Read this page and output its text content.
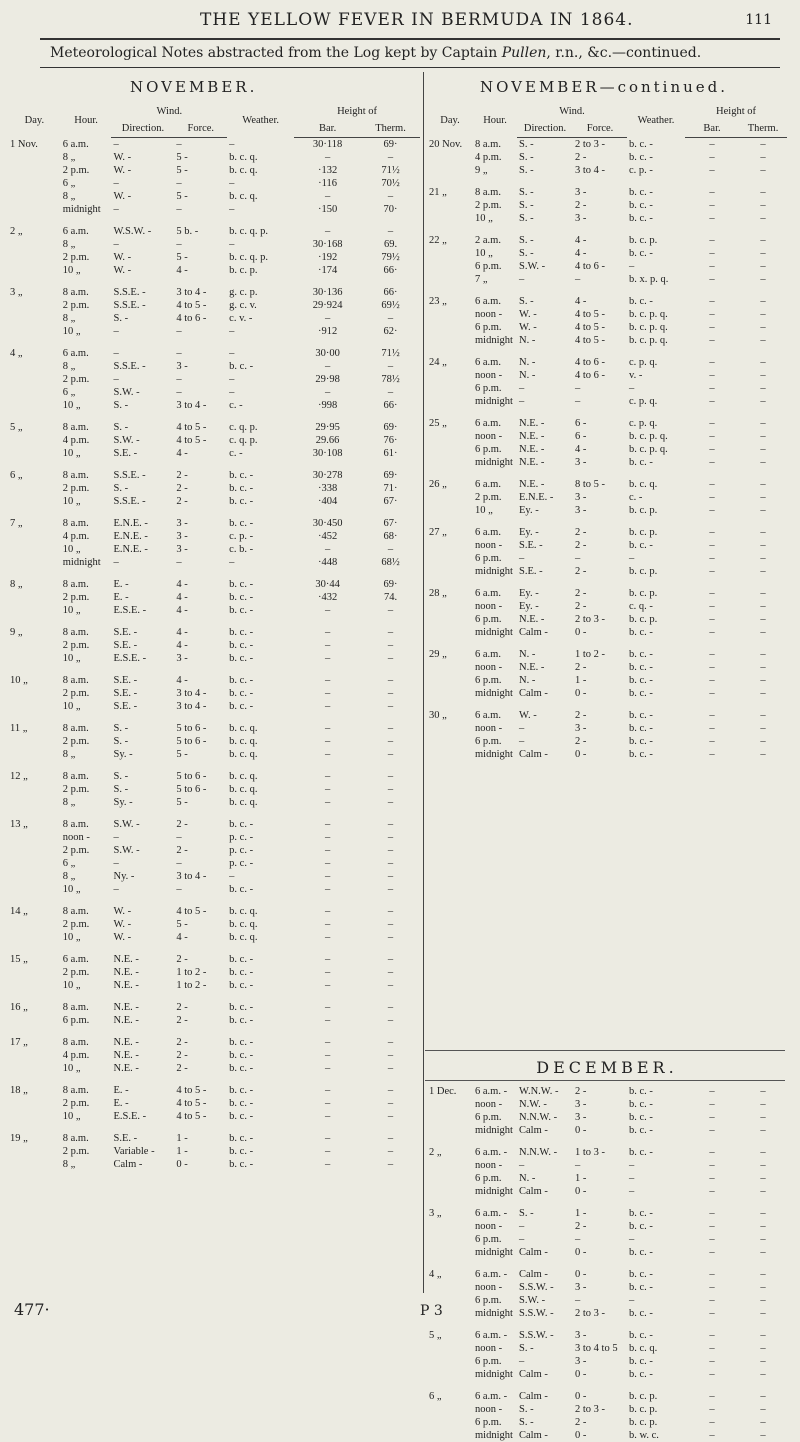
THE YELLOW FEVER IN BERMUDA IN 1864.	111
Meteorological Notes abstracted from the Log kept by Captain Pullen, r.n., &c.—continued.
NOVEMBER.	NOVEMBER—continued.
Day.	Hour.	Wind.		Weather.	Height of	
		Direction.	Force.		Bar.	Therm.
1 Nov.	6 a.m.	–	–	–	30·118	69·
	8 „	W. -	5 -	b. c. q.	–	–
	2 p.m.	W. -	5 -	b. c. q.	·132	71½
	6 „	–	–	–	·116	70½
	8 „	W. -	5 -	b. c. q.	–	–
	midnight	–	–	–	·150	70·

2 „	6 a.m.	W.S.W. -	5 b. -	b. c. q. p.	–	–
	8 „	–	–	–	30·168	69.
	2 p.m.	W. -	5 -	b. c. q. p.	·192	79½
	10 „	W. -	4 -	b. c. p.	·174	66·

3 „	8 a.m.	S.S.E. -	3 to 4 -	g. c. p.	30·136	66·
	2 p.m.	S.S.E. -	4 to 5 -	g. c. v.	29·924	69½
	8 „	S. -	4 to 6 -	c. v. -	–	–
	10 „	–	–	–	·912	62·

4 „	6 a.m.	–	–	–	30·00	71½
	8 „	S.S.E. -	3 -	b. c. -	–	–
	2 p.m.	–	–	–	29·98	78½
	6 „	S.W. -	–	–	–	–
	10 „	S. -	3 to 4 -	c. -	·998	66·

5 „	8 a.m.	S. -	4 to 5 -	c. q. p.	29·95	69·
	4 p.m.	S.W. -	4 to 5 -	c. q. p.	29.66	76·
	10 „	S.E. -	4 -	c. -	30·108	61·

6 „	8 a.m.	S.S.E. -	2 -	b. c. -	30·278	69·
	2 p.m.	S. -	2 -	b. c. -	·338	71·
	10 „	S.S.E. -	2 -	b. c. -	·404	67·

7 „	8 a.m.	E.N.E. -	3 -	b. c. -	30·450	67·
	4 p.m.	E.N.E. -	3 -	c. p. -	·452	68·
	10 „	E.N.E. -	3 -	c. b. -	–	–
	midnight	–	–	–	·448	68½

8 „	8 a.m.	E. -	4 -	b. c. -	30·44	69·
	2 p.m.	E. -	4 -	b. c. -	·432	74.
	10 „	E.S.E. -	4 -	b. c. -	–	–

9 „	8 a.m.	S.E. -	4 -	b. c. -	–	–
	2 p.m.	S.E. -	4 -	b. c. -	–	–
	10 „	E.S.E. -	3 -	b. c. -	–	–

10 „	8 a.m.	S.E. -	4 -	b. c. -	–	–
	2 p.m.	S.E. -	3 to 4 -	b. c. -	–	–
	10 „	S.E. -	3 to 4 -	b. c. -	–	–

11 „	8 a.m.	S. -	5 to 6 -	b. c. q.	–	–
	2 p.m.	S. -	5 to 6 -	b. c. q.	–	–
	8 „	Sy. -	5 -	b. c. q.	–	–

12 „	8 a.m.	S. -	5 to 6 -	b. c. q.	–	–
	2 p.m.	S. -	5 to 6 -	b. c. q.	–	–
	8 „	Sy. -	5 -	b. c. q.	–	–

13 „	8 a.m.	S.W. -	2 -	b. c. -	–	–
	noon -	–	–	p. c. -	–	–
	2 p.m.	S.W. -	2 -	p. c. -	–	–
	6 „	–	–	p. c. -	–	–
	8 „	Ny. -	3 to 4 -	–	–	–
	10 „	–	–	b. c. -	–	–

14 „	8 a.m.	W. -	4 to 5 -	b. c. q.	–	–
	2 p.m.	W. -	5 -	b. c. q.	–	–
	10 „	W. -	4 -	b. c. q.	–	–

15 „	6 a.m.	N.E. -	2 -	b. c. -	–	–
	2 p.m.	N.E. -	1 to 2 -	b. c. -	–	–
	10 „	N.E. -	1 to 2 -	b. c. -	–	–

16 „	8 a.m.	N.E. -	2 -	b. c. -	–	–
	6 p.m.	N.E. -	2 -	b. c. -	–	–

17 „	8 a.m.	N.E. -	2 -	b. c. -	–	–
	4 p.m.	N.E. -	2 -	b. c. -	–	–
	10 „	N.E. -	2 -	b. c. -	–	–

18 „	8 a.m.	E. -	4 to 5 -	b. c. -	–	–
	2 p.m.	E. -	4 to 5 -	b. c. -	–	–
	10 „	E.S.E. -	4 to 5 -	b. c. -	–	–

19 „	8 a.m.	S.E. -	1 -	b. c. -	–	–
	2 p.m.	Variable -	1 -	b. c. -	–	–
	8 „	Calm -	0 -	b. c. -	–	–
Day.	Hour.	Wind.		Weather.	Height of	
		Direction.	Force.		Bar.	Therm.
20 Nov.	8 a.m.	S. -	2 to 3 -	b. c. -	–	–
	4 p.m.	S. -	2 -	b. c. -	–	–
	9 „	S. -	3 to 4 -	c. p. -	–	–

21 „	8 a.m.	S. -	3 -	b. c. -	–	–
	2 p.m.	S. -	2 -	b. c. -	–	–
	10 „	S. -	3 -	b. c. -	–	–

22 „	2 a.m.	S. -	4 -	b. c. p.	–	–
	10 „	S. -	4 -	b. c. -	–	–
	6 p.m.	S.W. -	4 to 6 -	–	–	–
	7 „	–	–	b. x. p. q.	–	–

23 „	6 a.m.	S. -	4 -	b. c. -	–	–
	noon -	W. -	4 to 5 -	b. c. p. q.	–	–
	6 p.m.	W. -	4 to 5 -	b. c. p. q.	–	–
	midnight	N. -	4 to 5 -	b. c. p. q.	–	–

24 „	6 a.m.	N. -	4 to 6 -	c. p. q.	–	–
	noon -	N. -	4 to 6 -	v. -	–	–
	6 p.m.	–	–	–	–	–
	midnight	–	–	c. p. q.	–	–

25 „	6 a.m.	N.E. -	6 -	c. p. q.	–	–
	noon -	N.E. -	6 -	b. c. p. q.	–	–
	6 p.m.	N.E. -	4 -	b. c. p. q.	–	–
	midnight	N.E. -	3 -	b. c. -	–	–

26 „	6 a.m.	N.E. -	8 to 5 -	b. c. q.	–	–
	2 p.m.	E.N.E. -	3 -	c. -	–	–
	10 „	Ey. -	3 -	b. c. p.	–	–

27 „	6 a.m.	Ey. -	2 -	b. c. p.	–	–
	noon -	S.E. -	2 -	b. c. -	–	–
	6 p.m.	–	–	–	–	–
	midnight	S.E. -	2 -	b. c. p.	–	–

28 „	6 a.m.	Ey. -	2 -	b. c. p.	–	–
	noon -	Ey. -	2 -	c. q. -	–	–
	6 p.m.	N.E. -	2 to 3 -	b. c. p.	–	–
	midnight	Calm -	0 -	b. c. -	–	–

29 „	6 a.m.	N. -	1 to 2 -	b. c. -	–	–
	noon -	N.E. -	2 -	b. c. -	–	–
	6 p.m.	N. -	1 -	b. c. -	–	–
	midnight	Calm -	0 -	b. c. -	–	–

30 „	6 a.m.	W. -	2 -	b. c. -	–	–
	noon -	–	3 -	b. c. -	–	–
	6 p.m.	–	2 -	b. c. -	–	–
	midnight	Calm -	0 -	b. c. -	–	–
DECEMBER.
1 Dec.	6 a.m. -	W.N.W. -	2 -	b. c. -	–	–
	noon -	N.W. -	3 -	b. c. -	–	–
	6 p.m.	N.N.W. -	3 -	b. c. -	–	–
	midnight	Calm -	0 -	b. c. -	–	–

2 „	6 a.m. -	N.N.W. -	1 to 3 -	b. c. -	–	–
	noon -	–	–	–	–	–
	6 p.m.	N. -	1 -	–	–	–
	midnight	Calm -	0 -	–	–	–

3 „	6 a.m. -	S. -	1 -	b. c. -	–	–
	noon -	–	2 -	b. c. -	–	–
	6 p.m.	–	–	–	–	–
	midnight	Calm -	0 -	b. c. -	–	–

4 „	6 a.m. -	Calm -	0 -	b. c. -	–	–
	noon -	S.S.W. -	3 -	b. c. -	–	–
	6 p.m.	S.W. -	–	–	–	–
	midnight	S.S.W. -	2 to 3 -	b. c. -	–	–

5 „	6 a.m. -	S.S.W. -	3 -	b. c. -	–	–
	noon -	S. -	3 to 4 to 5	b. c. q.	–	–
	6 p.m.	–	3 -	b. c. -	–	–
	midnight	Calm -	0 -	b. c. -	–	–

6 „	6 a.m. -	Calm -	0 -	b. c. p.	–	–
	noon -	S. -	2 to 3 -	b. c. p.	–	–
	6 p.m.	S. -	2 -	b. c. p.	–	–
	midnight	Calm -	0 -	b. w. c.	–	–
477·	P 3
